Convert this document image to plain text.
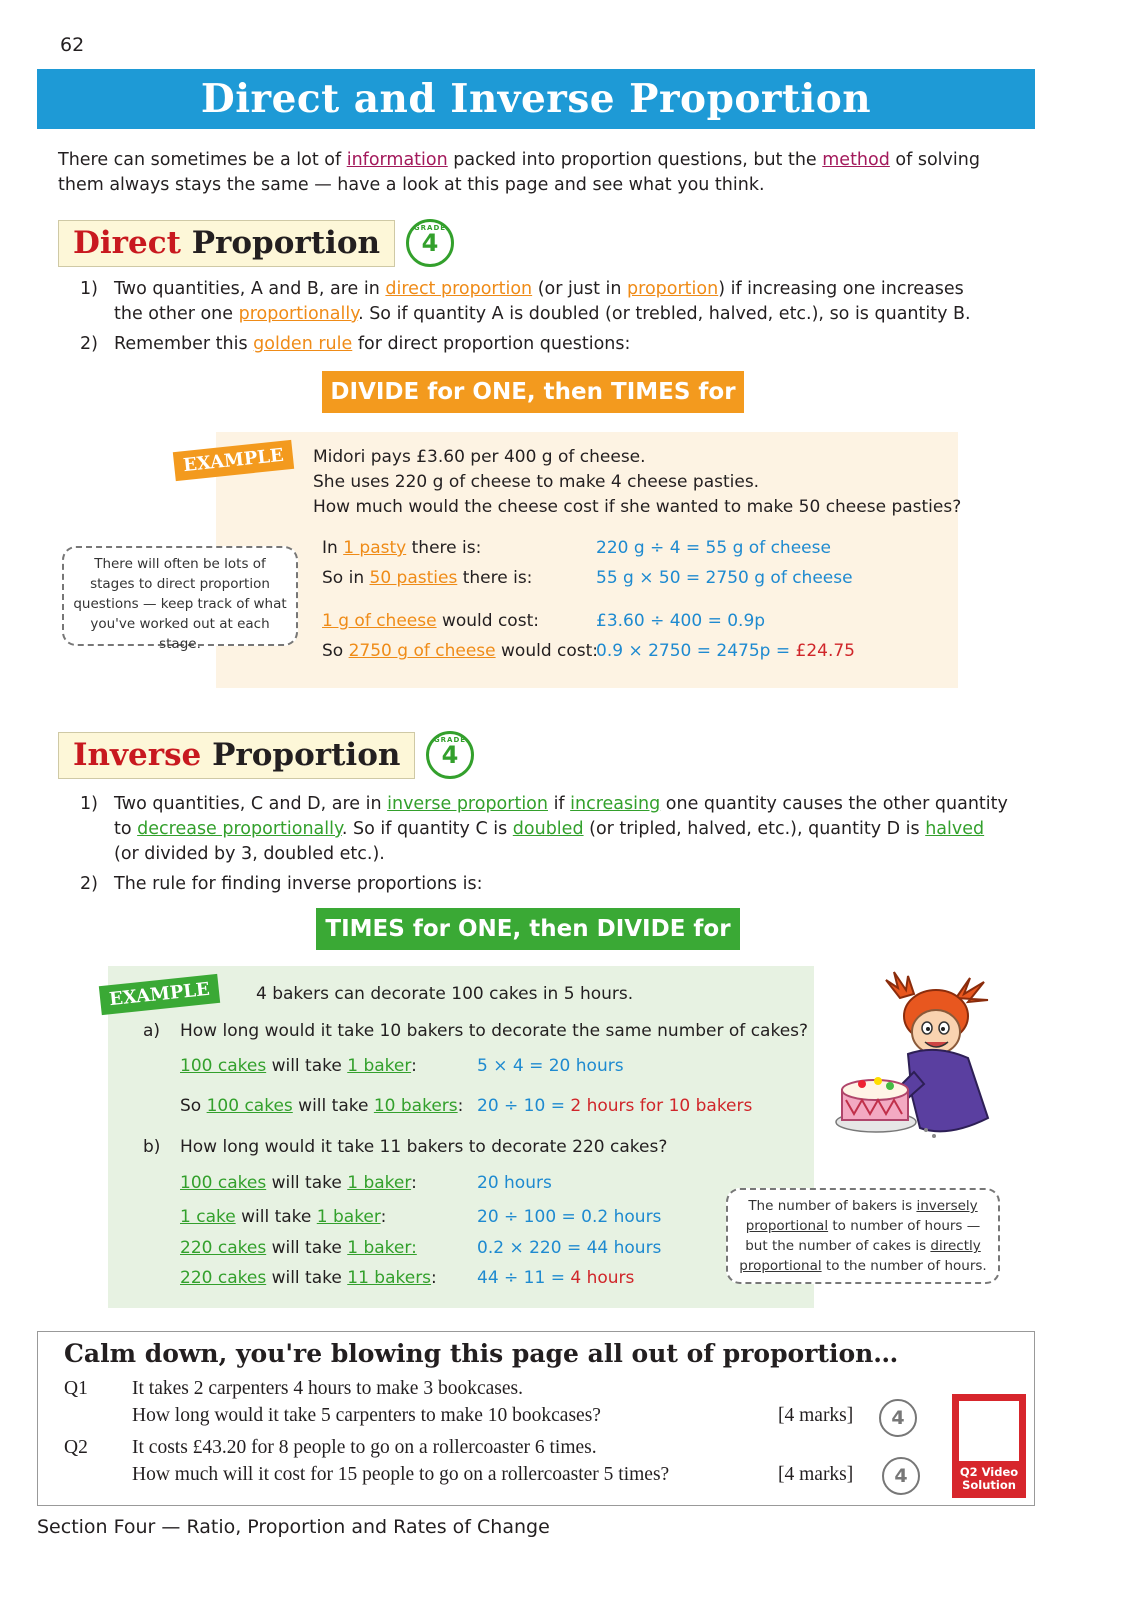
62
Direct and Inverse Proportion
There can sometimes be a lot of information packed into proportion questions, but the method of solving
them always stays the same — have a look at this page and see what you think.
Direct Proportion	GRADE
4
1) Two quantities, A and B, are in direct proportion (or just in proportion) if increasing one increases
the other one proportionally. So if quantity A is doubled (or trebled, halved, etc.), so is quantity B.
2) Remember this golden rule for direct proportion questions:
DIVIDE for ONE, then TIMES for
EXAMPLE	Midori pays £3.60 per 400 g of cheese.
She uses 220 g of cheese to make 4 cheese pasties.
How much would the cheese cost if she wanted to make 50 cheese pasties?
In 1 pasty there is:	220 g ÷ 4 = 55 g of cheese
So in 50 pasties there is:	55 g × 50 = 2750 g of cheese
1 g of cheese would cost:	£3.60 ÷ 400 = 0.9p
So 2750 g of cheese would cost:
0.9 × 2750 = 2475p = £24.75
There will often be lots of stages to direct proportion questions — keep track of what you've worked out at each stage.
Inverse Proportion	GRADE
4
1) Two quantities, C and D, are in inverse proportion if increasing one quantity causes the other quantity
to decrease proportionally. So if quantity C is doubled (or tripled, halved, etc.), quantity D is halved
(or divided by 3, doubled etc.).
2) The rule for finding inverse proportions is:
TIMES for ONE, then DIVIDE for
EXAMPLE	4 bakers can decorate 100 cakes in 5 hours.
a) How long would it take 10 bakers to decorate the same number of cakes?
100 cakes will take 1 baker:	5 × 4 = 20 hours
So 100 cakes will take 10 bakers: 20 ÷ 10 = 2 hours for 10 bakers
b) How long would it take 11 bakers to decorate 220 cakes?
100 cakes will take 1 baker:	20 hours
1 cake will take 1 baker:	20 ÷ 100 = 0.2 hours
220 cakes will take 1 baker:	0.2 × 220 = 44 hours
220 cakes will take 11 bakers: 44 ÷ 11 = 4 hours
The number of bakers is inversely proportional to number of hours — but the number of cakes is directly proportional to the number of hours.
Calm down, you're blowing this page all out of proportion…
Q1 It takes 2 carpenters 4 hours to make 3 bookcases.
How long would it take 5 carpenters to make 10 bookcases?	[4 marks]	4
Q2 It costs £43.20 for 8 people to go on a rollercoaster 6 times.
How much will it cost for 15 people to go on a rollercoaster 5 times?	[4 marks]	4	Q2 Video Solution
Section Four — Ratio, Proportion and Rates of Change
